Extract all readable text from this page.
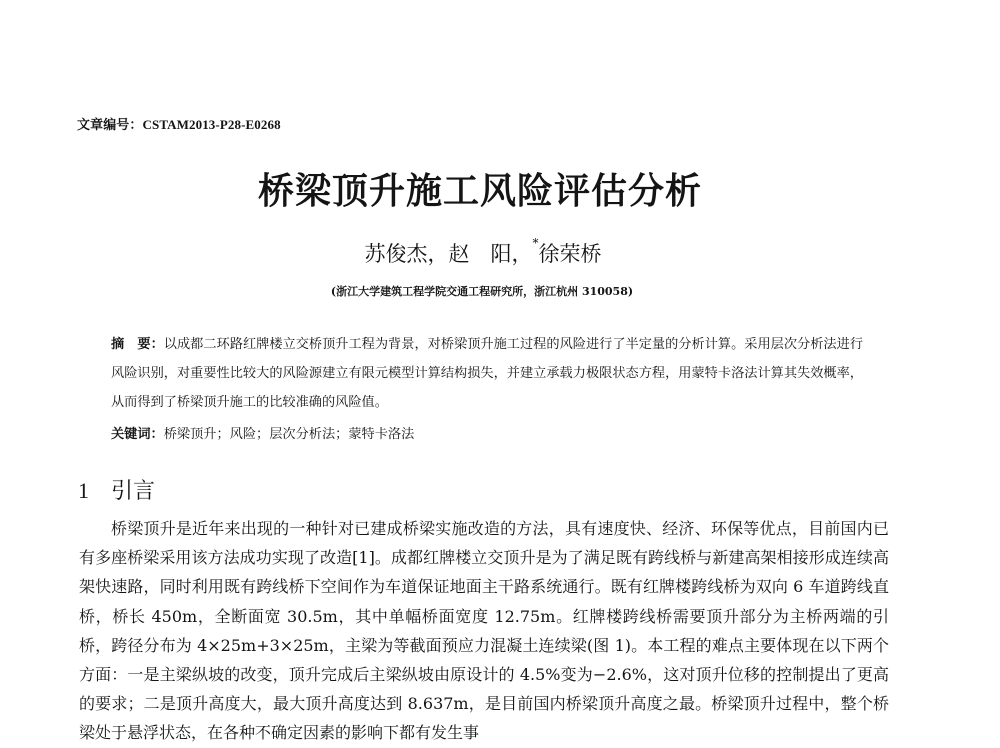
文章编号：CSTAM2013-P28-E0268
桥梁顶升施工风险评估分析
苏俊杰，赵　阳，*徐荣桥
(浙江大学建筑工程学院交通工程研究所，浙江杭州 310058)
摘　要：以成都二环路红牌楼立交桥顶升工程为背景，对桥梁顶升施工过程的风险进行了半定量的分析计算。采用层次分析法进行风险识别，对重要性比较大的风险源建立有限元模型计算结构损失，并建立承载力极限状态方程，用蒙特卡洛法计算其失效概率，从而得到了桥梁顶升施工的比较准确的风险值。
关键词：桥梁顶升；风险；层次分析法；蒙特卡洛法
1 引言
桥梁顶升是近年来出现的一种针对已建成桥梁实施改造的方法，具有速度快、经济、环保等优点，目前国内已有多座桥梁采用该方法成功实现了改造[1]。成都红牌楼立交顶升是为了满足既有跨线桥与新建高架相接形成连续高架快速路，同时利用既有跨线桥下空间作为车道保证地面主干路系统通行。既有红牌楼跨线桥为双向 6 车道跨线直桥，桥长 450m，全断面宽 30.5m，其中单幅桥面宽度 12.75m。红牌楼跨线桥需要顶升部分为主桥两端的引桥，跨径分布为 4×25m+3×25m，主梁为等截面预应力混凝土连续梁(图 1)。本工程的难点主要体现在以下两个方面：一是主梁纵坡的改变，顶升完成后主梁纵坡由原设计的 4.5%变为−2.6%，这对顶升位移的控制提出了更高的要求；二是顶升高度大，最大顶升高度达到 8.637m，是目前国内桥梁顶升高度之最。桥梁顶升过程中，整个桥梁处于悬浮状态，在各种不确定因素的影响下都有发生事
